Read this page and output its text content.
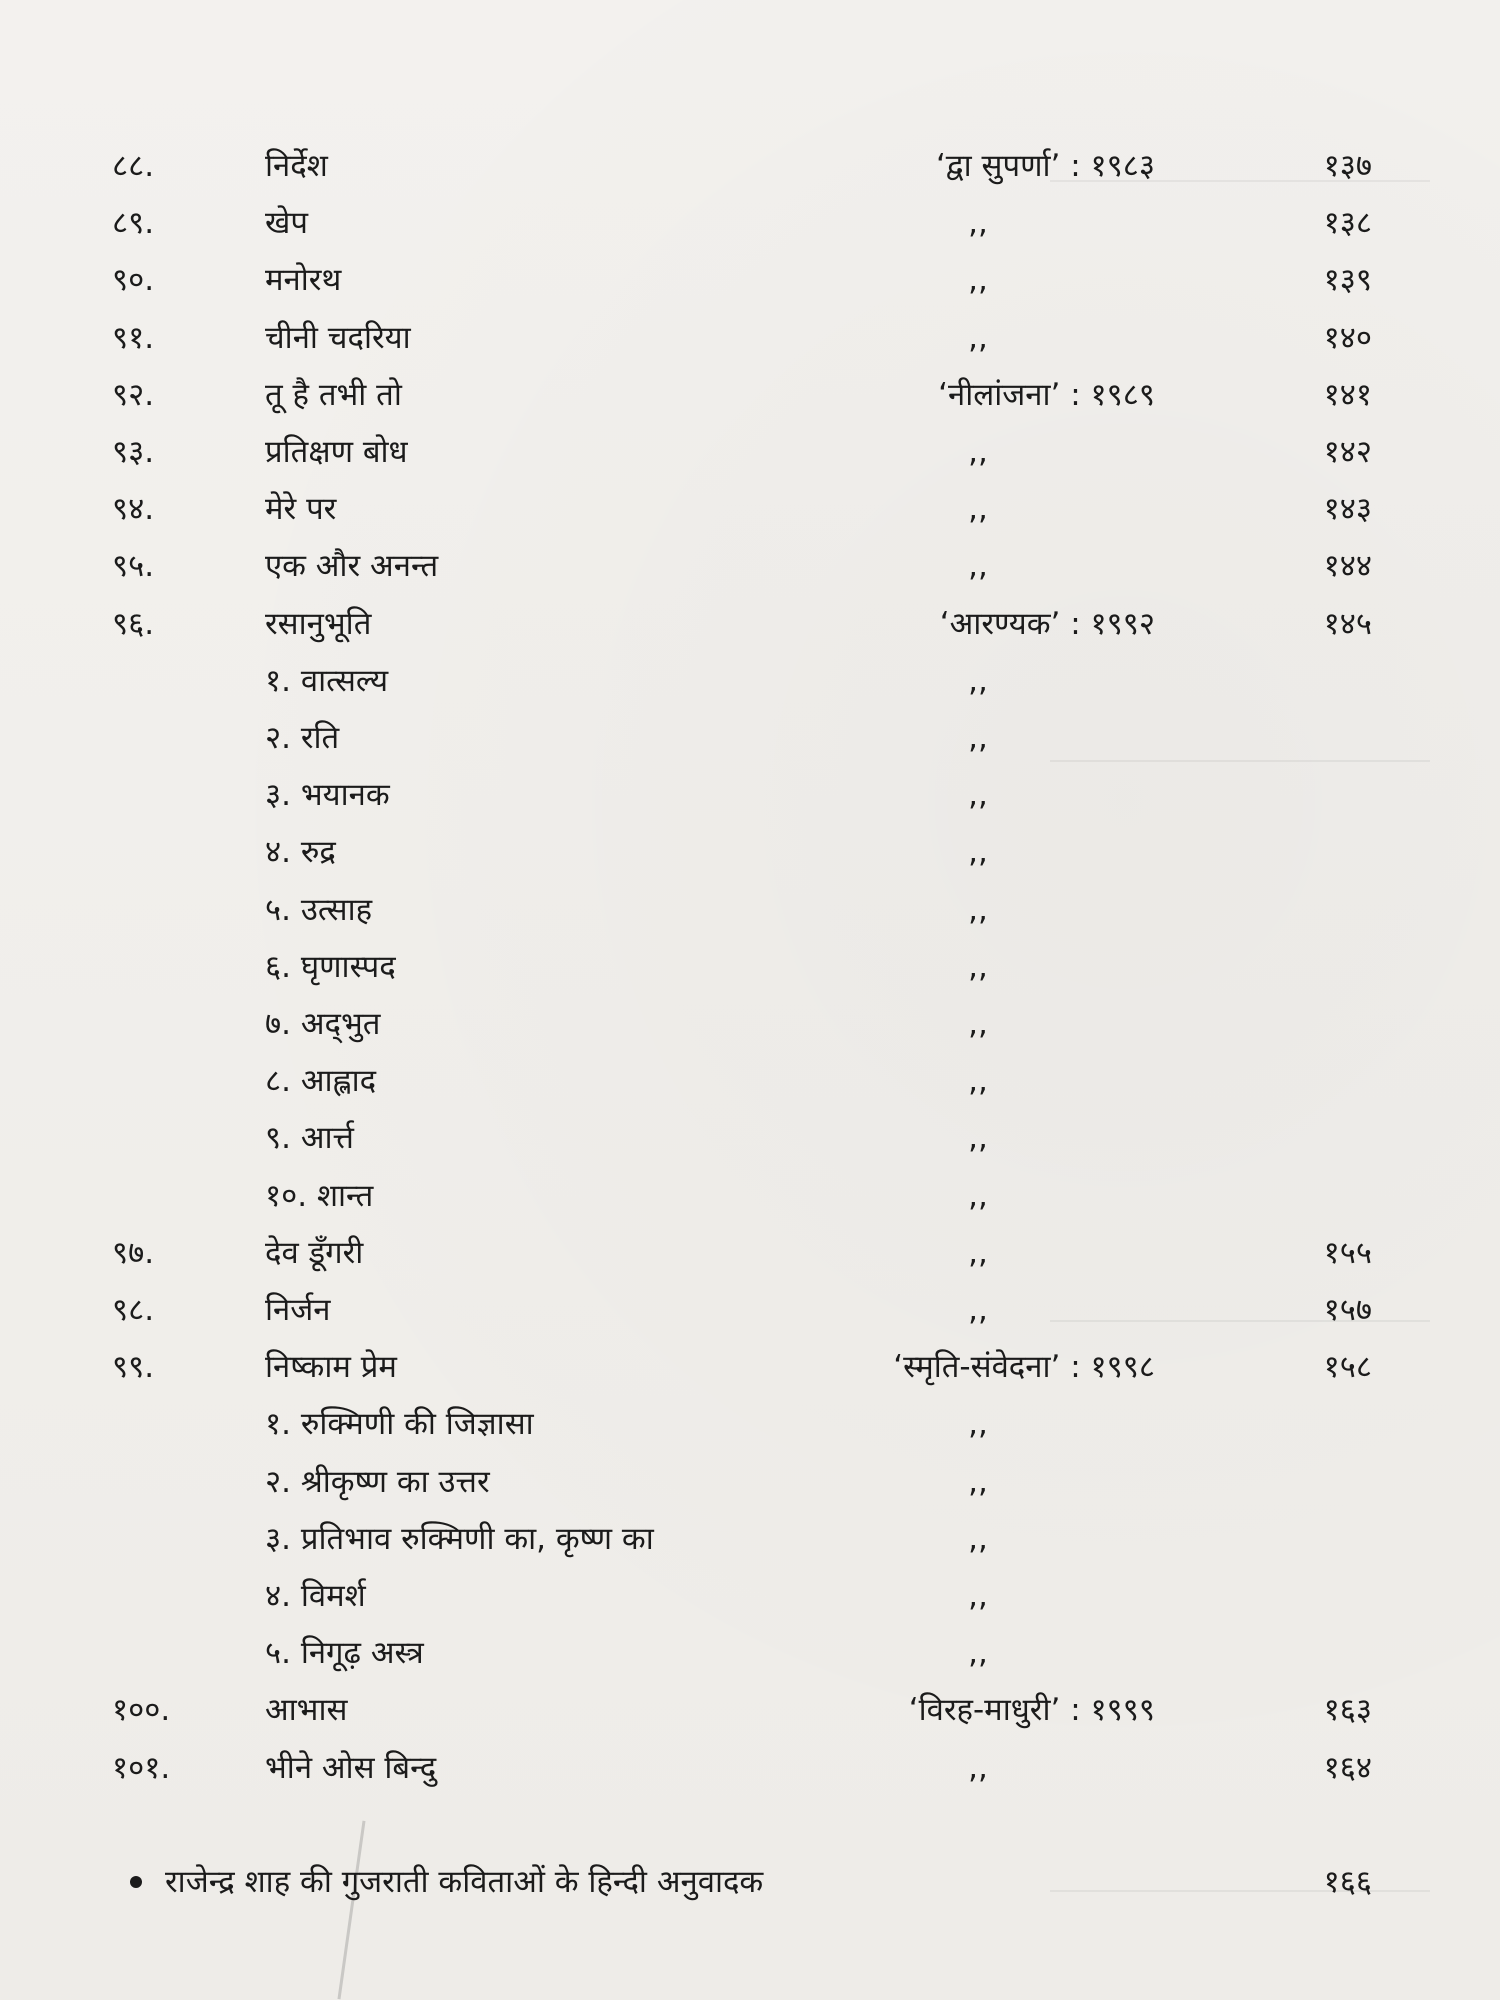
८८.	निर्देश	‘द्वा सुपर्णा’ : १९८३	१३७
८९.	खेप	,,	१३८
९०.	मनोरथ	,,	१३९
९१.	चीनी चदरिया	,,	१४०
९२.	तू है तभी तो	‘नीलांजना’ : १९८९	१४१
९३.	प्रतिक्षण बोध	,,	१४२
९४.	मेरे पर	,,	१४३
९५.	एक और अनन्त	,,	१४४
९६.	रसानुभूति	‘आरण्यक’ : १९९२	१४५
१. वात्सल्य	,,
२. रति	,,
३. भयानक	,,
४. रुद्र	,,
५. उत्साह	,,
६. घृणास्पद	,,
७. अद्‍भुत	,,
८. आह्लाद	,,
९. आर्त्त	,,
१०. शान्त	,,
९७.	देव डूँगरी	,,	१५५
९८.	निर्जन	,,	१५७
९९.	निष्काम प्रेम	‘स्मृति-संवेदना’ : १९९८	१५८
१. रुक्मिणी की जिज्ञासा	,,
२. श्रीकृष्ण का उत्तर	,,
३. प्रतिभाव रुक्मिणी का, कृष्ण का	,,
४. विमर्श	,,
५. निगूढ़ अस्त्र	,,
१००.	आभास	‘विरह-माधुरी’ : १९९९	१६३
१०१.	भीने ओस बिन्दु	,,	१६४
राजेन्द्र शाह की गुजराती कविताओं के हिन्दी अनुवादक	१६६
